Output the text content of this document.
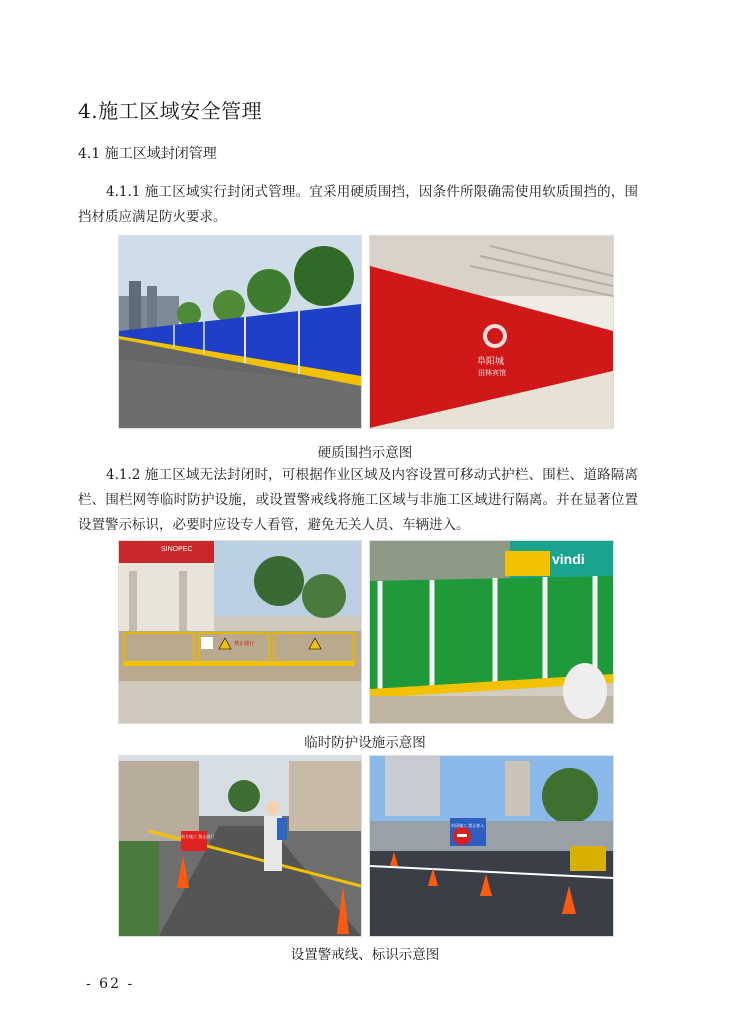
4.施工区域安全管理
4.1 施工区域封闭管理
4.1.1 施工区域实行封闭式管理。宜采用硬质围挡，因条件所限确需使用软质围挡的，围挡材质应满足防火要求。
阜阳城
田林宾馆
硬质围挡示意图
4.1.2 施工区域无法封闭时，可根据作业区域及内容设置可移动式护栏、围栏、道路隔离栏、围栏网等临时防护设施，或设置警戒线将施工区域与非施工区域进行隔离。并在显著位置设置警示标识，必要时应设专人看管，避免无关人员、车辆进入。
SINOPEC
禁止通行
vindi
临时防护设施示意图
前方施工 禁止通行
封闭施工 禁止驶入
设置警戒线、标识示意图
- 62 -
